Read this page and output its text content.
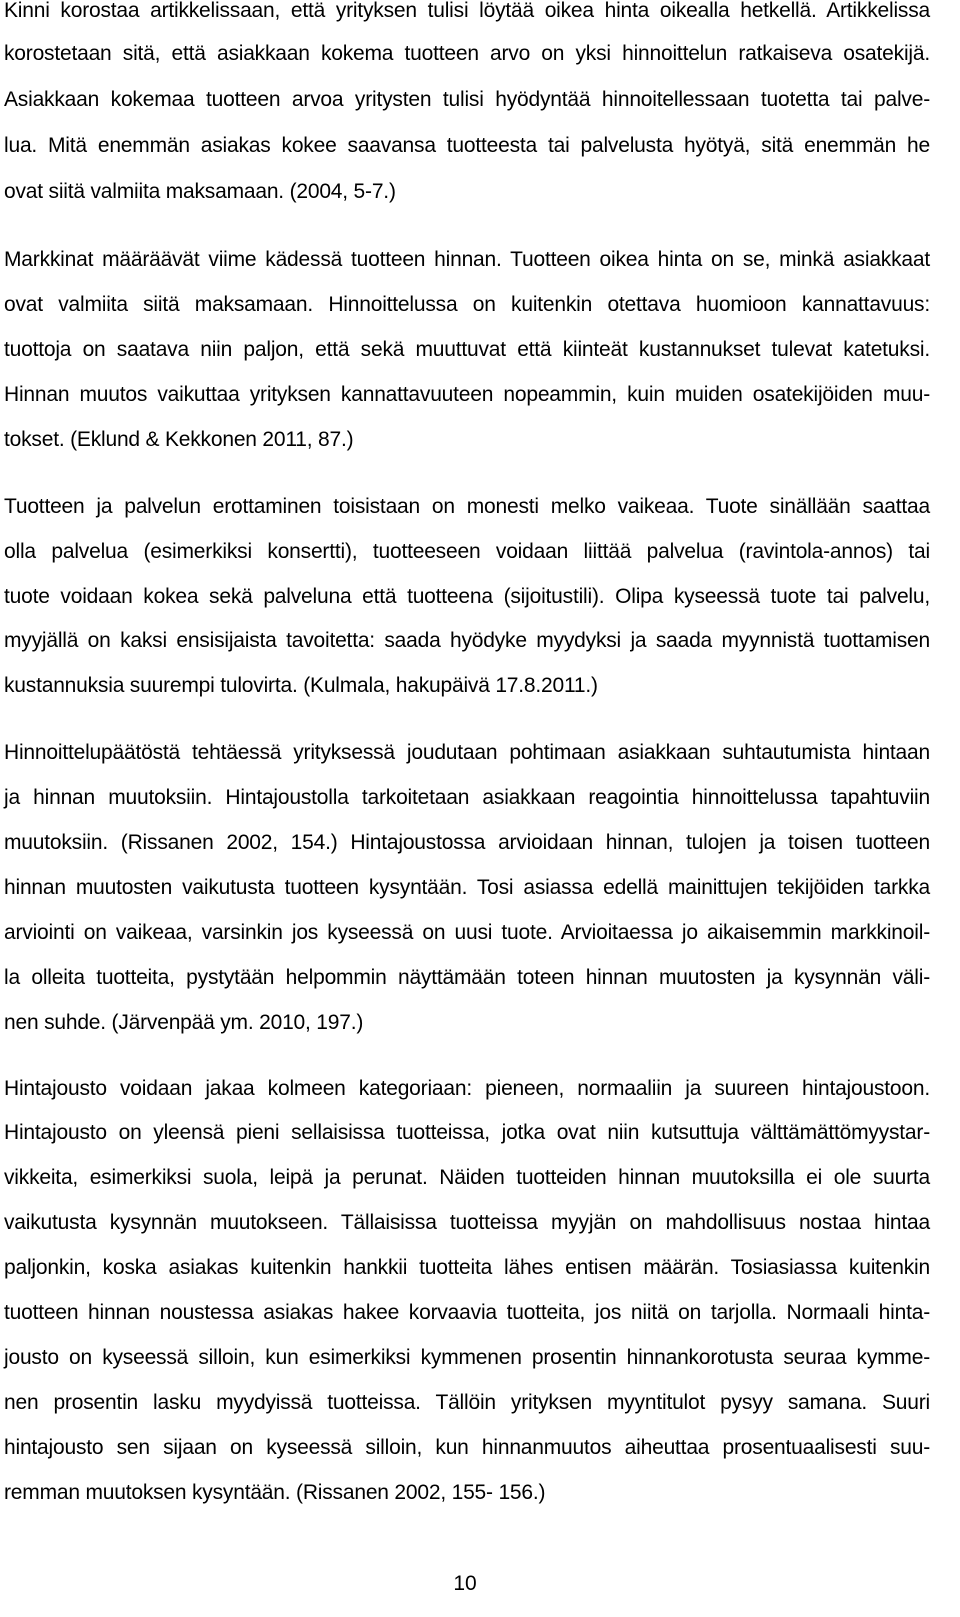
Kinni korostaa artikkelissaan, että yrityksen tulisi löytää oikea hinta oikealla hetkellä. Artikkelissa
korostetaan sitä, että asiakkaan kokema tuotteen arvo on yksi hinnoittelun ratkaiseva osatekijä.
Asiakkaan kokemaa tuotteen arvoa yritysten tulisi hyödyntää hinnoitellessaan tuotetta tai palve-
lua. Mitä enemmän asiakas kokee saavansa tuotteesta tai palvelusta hyötyä, sitä enemmän he
ovat siitä valmiita maksamaan. (2004, 5-7.)
Markkinat määräävät viime kädessä tuotteen hinnan. Tuotteen oikea hinta on se, minkä asiakkaat
ovat valmiita siitä maksamaan. Hinnoittelussa on kuitenkin otettava huomioon kannattavuus:
tuottoja on saatava niin paljon, että sekä muuttuvat että kiinteät kustannukset tulevat katetuksi.
Hinnan muutos vaikuttaa yrityksen kannattavuuteen nopeammin, kuin muiden osatekijöiden muu-
tokset. (Eklund & Kekkonen 2011, 87.)
Tuotteen ja palvelun erottaminen toisistaan on monesti melko vaikeaa. Tuote sinällään saattaa
olla palvelua (esimerkiksi konsertti), tuotteeseen voidaan liittää palvelua (ravintola-annos) tai
tuote voidaan kokea sekä palveluna että tuotteena (sijoitustili). Olipa kyseessä tuote tai palvelu,
myyjällä on kaksi ensisijaista tavoitetta: saada hyödyke myydyksi ja saada myynnistä tuottamisen
kustannuksia suurempi tulovirta. (Kulmala, hakupäivä 17.8.2011.)
Hinnoittelupäätöstä tehtäessä yrityksessä joudutaan pohtimaan asiakkaan suhtautumista hintaan
ja hinnan muutoksiin. Hintajoustolla tarkoitetaan asiakkaan reagointia hinnoittelussa tapahtuviin
muutoksiin. (Rissanen 2002, 154.) Hintajoustossa arvioidaan hinnan, tulojen ja toisen tuotteen
hinnan muutosten vaikutusta tuotteen kysyntään. Tosi asiassa edellä mainittujen tekijöiden tarkka
arviointi on vaikeaa, varsinkin jos kyseessä on uusi tuote. Arvioitaessa jo aikaisemmin markkinoil-
la olleita tuotteita, pystytään helpommin näyttämään toteen hinnan muutosten ja kysynnän väli-
nen suhde. (Järvenpää ym. 2010, 197.)
Hintajousto voidaan jakaa kolmeen kategoriaan: pieneen, normaaliin ja suureen hintajoustoon.
Hintajousto on yleensä pieni sellaisissa tuotteissa, jotka ovat niin kutsuttuja välttämättömyystar-
vikkeita, esimerkiksi suola, leipä ja perunat. Näiden tuotteiden hinnan muutoksilla ei ole suurta
vaikutusta kysynnän muutokseen. Tällaisissa tuotteissa myyjän on mahdollisuus nostaa hintaa
paljonkin, koska asiakas kuitenkin hankkii tuotteita lähes entisen määrän. Tosiasiassa kuitenkin
tuotteen hinnan noustessa asiakas hakee korvaavia tuotteita, jos niitä on tarjolla. Normaali hinta-
jousto on kyseessä silloin, kun esimerkiksi kymmenen prosentin hinnankorotusta seuraa kymme-
nen prosentin lasku myydyissä tuotteissa. Tällöin yrityksen myyntitulot pysyy samana. Suuri
hintajousto sen sijaan on kyseessä silloin, kun hinnanmuutos aiheuttaa prosentuaalisesti suu-
remman muutoksen kysyntään. (Rissanen 2002, 155- 156.)
10
